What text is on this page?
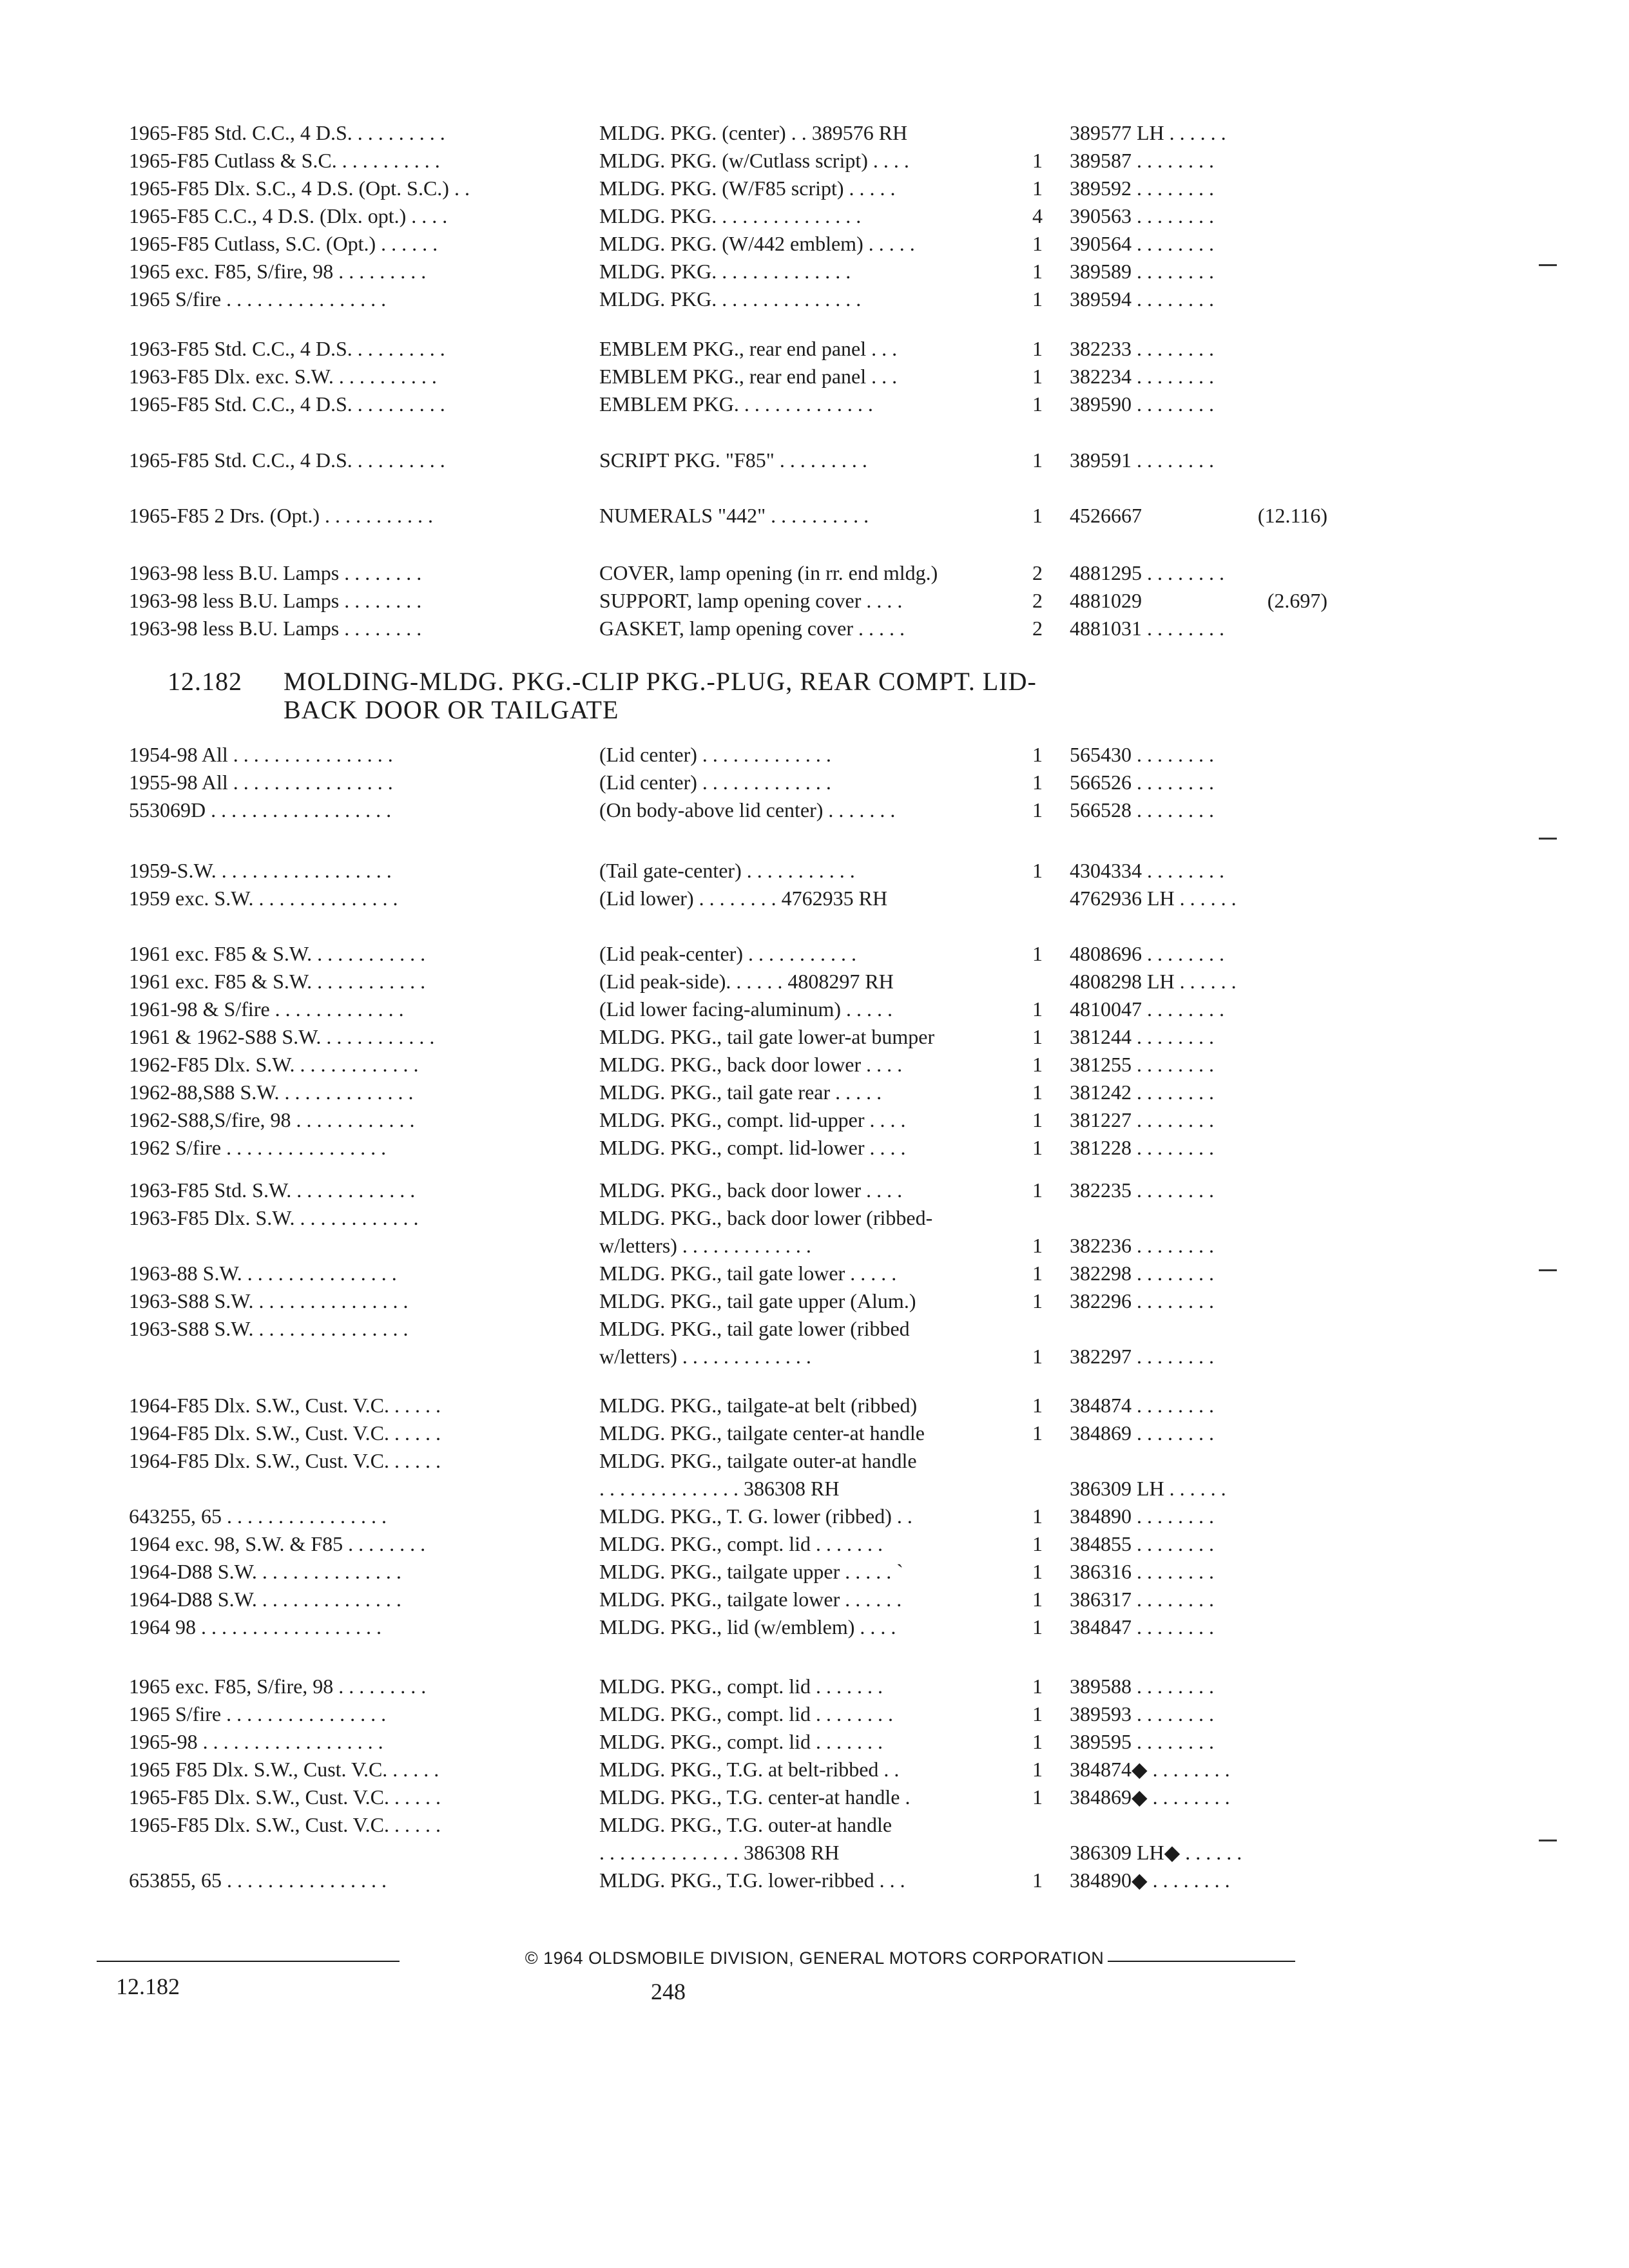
12.182 MOLDING-MLDG. PKG.-CLIP PKG.-PLUG, REAR COMPT. LID-
BACK DOOR OR TAILGATE
© 1964 OLDSMOBILE DIVISION, GENERAL MOTORS CORPORATION
12.182	248
1965-F85 Std. C.C., 4 D.S. . . . . . . . . .	MLDG. PKG. (center) . . 389576 RH	389577 LH . . . . . .
1965-F85 Cutlass & S.C. . . . . . . . . . .	MLDG. PKG. (w/Cutlass script) . . . .	1	389587 . . . . . . . .
1965-F85 Dlx. S.C., 4 D.S. (Opt. S.C.) . .	MLDG. PKG. (W/F85 script) . . . . .	1	389592 . . . . . . . .
1965-F85 C.C., 4 D.S. (Dlx. opt.) . . . .	MLDG. PKG. . . . . . . . . . . . . . .	4	390563 . . . . . . . .
1965-F85 Cutlass, S.C. (Opt.) . . . . . .	MLDG. PKG. (W/442 emblem) . . . . .	1	390564 . . . . . . . .
1965 exc. F85, S/fire, 98 . . . . . . . . .	MLDG. PKG. . . . . . . . . . . . . .	1	389589 . . . . . . . .
1965 S/fire . . . . . . . . . . . . . . . .	MLDG. PKG. . . . . . . . . . . . . . .	1	389594 . . . . . . . .
1963-F85 Std. C.C., 4 D.S. . . . . . . . . .	EMBLEM PKG., rear end panel . . .	1	382233 . . . . . . . .
1963-F85 Dlx. exc. S.W. . . . . . . . . . .	EMBLEM PKG., rear end panel . . .	1	382234 . . . . . . . .
1965-F85 Std. C.C., 4 D.S. . . . . . . . . .	EMBLEM PKG. . . . . . . . . . . . . .	1	389590 . . . . . . . .
1965-F85 Std. C.C., 4 D.S. . . . . . . . . .	SCRIPT PKG. "F85" . . . . . . . . .	1	389591 . . . . . . . .
1965-F85 2 Drs. (Opt.) . . . . . . . . . . .	NUMERALS "442" . . . . . . . . . .	1	4526667	(12.116)
1963-98 less B.U. Lamps . . . . . . . .	COVER, lamp opening (in rr. end mldg.)	2	4881295 . . . . . . . .
1963-98 less B.U. Lamps . . . . . . . .	SUPPORT, lamp opening cover . . . .	2	4881029	(2.697)
1963-98 less B.U. Lamps . . . . . . . .	GASKET, lamp opening cover . . . . .	2	4881031 . . . . . . . .
1954-98 All . . . . . . . . . . . . . . . .	(Lid center) . . . . . . . . . . . . .	1	565430 . . . . . . . .
1955-98 All . . . . . . . . . . . . . . . .	(Lid center) . . . . . . . . . . . . .	1	566526 . . . . . . . .
553069D . . . . . . . . . . . . . . . . . .	(On body-above lid center) . . . . . . .	1	566528 . . . . . . . .
1959-S.W. . . . . . . . . . . . . . . . . .	(Tail gate-center) . . . . . . . . . . .	1	4304334 . . . . . . . .
1959 exc. S.W. . . . . . . . . . . . . . .	(Lid lower) . . . . . . . . 4762935 RH	4762936 LH . . . . . .
1961 exc. F85 & S.W. . . . . . . . . . . .	(Lid peak-center) . . . . . . . . . . .	1	4808696 . . . . . . . .
1961 exc. F85 & S.W. . . . . . . . . . . .	(Lid peak-side). . . . . . 4808297 RH	4808298 LH . . . . . .
1961-98 & S/fire . . . . . . . . . . . . .	(Lid lower facing-aluminum) . . . . .	1	4810047 . . . . . . . .
1961 & 1962-S88 S.W. . . . . . . . . . . .	MLDG. PKG., tail gate lower-at bumper	1	381244 . . . . . . . .
1962-F85 Dlx. S.W. . . . . . . . . . . . .	MLDG. PKG., back door lower . . . .	1	381255 . . . . . . . .
1962-88,S88 S.W. . . . . . . . . . . . . .	MLDG. PKG., tail gate rear . . . . .	1	381242 . . . . . . . .
1962-S88,S/fire, 98 . . . . . . . . . . . .	MLDG. PKG., compt. lid-upper . . . .	1	381227 . . . . . . . .
1962 S/fire . . . . . . . . . . . . . . . .	MLDG. PKG., compt. lid-lower . . . .	1	381228 . . . . . . . .
1963-F85 Std. S.W. . . . . . . . . . . . .	MLDG. PKG., back door lower . . . .	1	382235 . . . . . . . .
1963-F85 Dlx. S.W. . . . . . . . . . . . .	MLDG. PKG., back door lower (ribbed-
w/letters) . . . . . . . . . . . . .	1	382236 . . . . . . . .
1963-88 S.W. . . . . . . . . . . . . . . .	MLDG. PKG., tail gate lower . . . . .	1	382298 . . . . . . . .
1963-S88 S.W. . . . . . . . . . . . . . . .	MLDG. PKG., tail gate upper (Alum.)	1	382296 . . . . . . . .
1963-S88 S.W. . . . . . . . . . . . . . . .	MLDG. PKG., tail gate lower (ribbed
w/letters) . . . . . . . . . . . . .	1	382297 . . . . . . . .
1964-F85 Dlx. S.W., Cust. V.C. . . . . .	MLDG. PKG., tailgate-at belt (ribbed)	1	384874 . . . . . . . .
1964-F85 Dlx. S.W., Cust. V.C. . . . . .	MLDG. PKG., tailgate center-at handle	1	384869 . . . . . . . .
1964-F85 Dlx. S.W., Cust. V.C. . . . . .	MLDG. PKG., tailgate outer-at handle
. . . . . . . . . . . . . . 386308 RH	386309 LH . . . . . .
643255, 65 . . . . . . . . . . . . . . . .	MLDG. PKG., T. G. lower (ribbed) . .	1	384890 . . . . . . . .
1964 exc. 98, S.W. & F85 . . . . . . . .	MLDG. PKG., compt. lid . . . . . . .	1	384855 . . . . . . . .
1964-D88 S.W. . . . . . . . . . . . . . .	MLDG. PKG., tailgate upper . . . . . `	1	386316 . . . . . . . .
1964-D88 S.W. . . . . . . . . . . . . . .	MLDG. PKG., tailgate lower . . . . . .	1	386317 . . . . . . . .
1964 98 . . . . . . . . . . . . . . . . . .	MLDG. PKG., lid (w/emblem) . . . .	1	384847 . . . . . . . .
1965 exc. F85, S/fire, 98 . . . . . . . . .	MLDG. PKG., compt. lid . . . . . . .	1	389588 . . . . . . . .
1965 S/fire . . . . . . . . . . . . . . . .	MLDG. PKG., compt. lid . . . . . . . .	1	389593 . . . . . . . .
1965-98 . . . . . . . . . . . . . . . . . .	MLDG. PKG., compt. lid . . . . . . .	1	389595 . . . . . . . .
1965 F85 Dlx. S.W., Cust. V.C. . . . . .	MLDG. PKG., T.G. at belt-ribbed . .	1	384874◆ . . . . . . . .
1965-F85 Dlx. S.W., Cust. V.C. . . . . .	MLDG. PKG., T.G. center-at handle .	1	384869◆ . . . . . . . .
1965-F85 Dlx. S.W., Cust. V.C. . . . . .	MLDG. PKG., T.G. outer-at handle
. . . . . . . . . . . . . . 386308 RH	386309 LH◆ . . . . . .
653855, 65 . . . . . . . . . . . . . . . .	MLDG. PKG., T.G. lower-ribbed . . .	1	384890◆ . . . . . . . .
